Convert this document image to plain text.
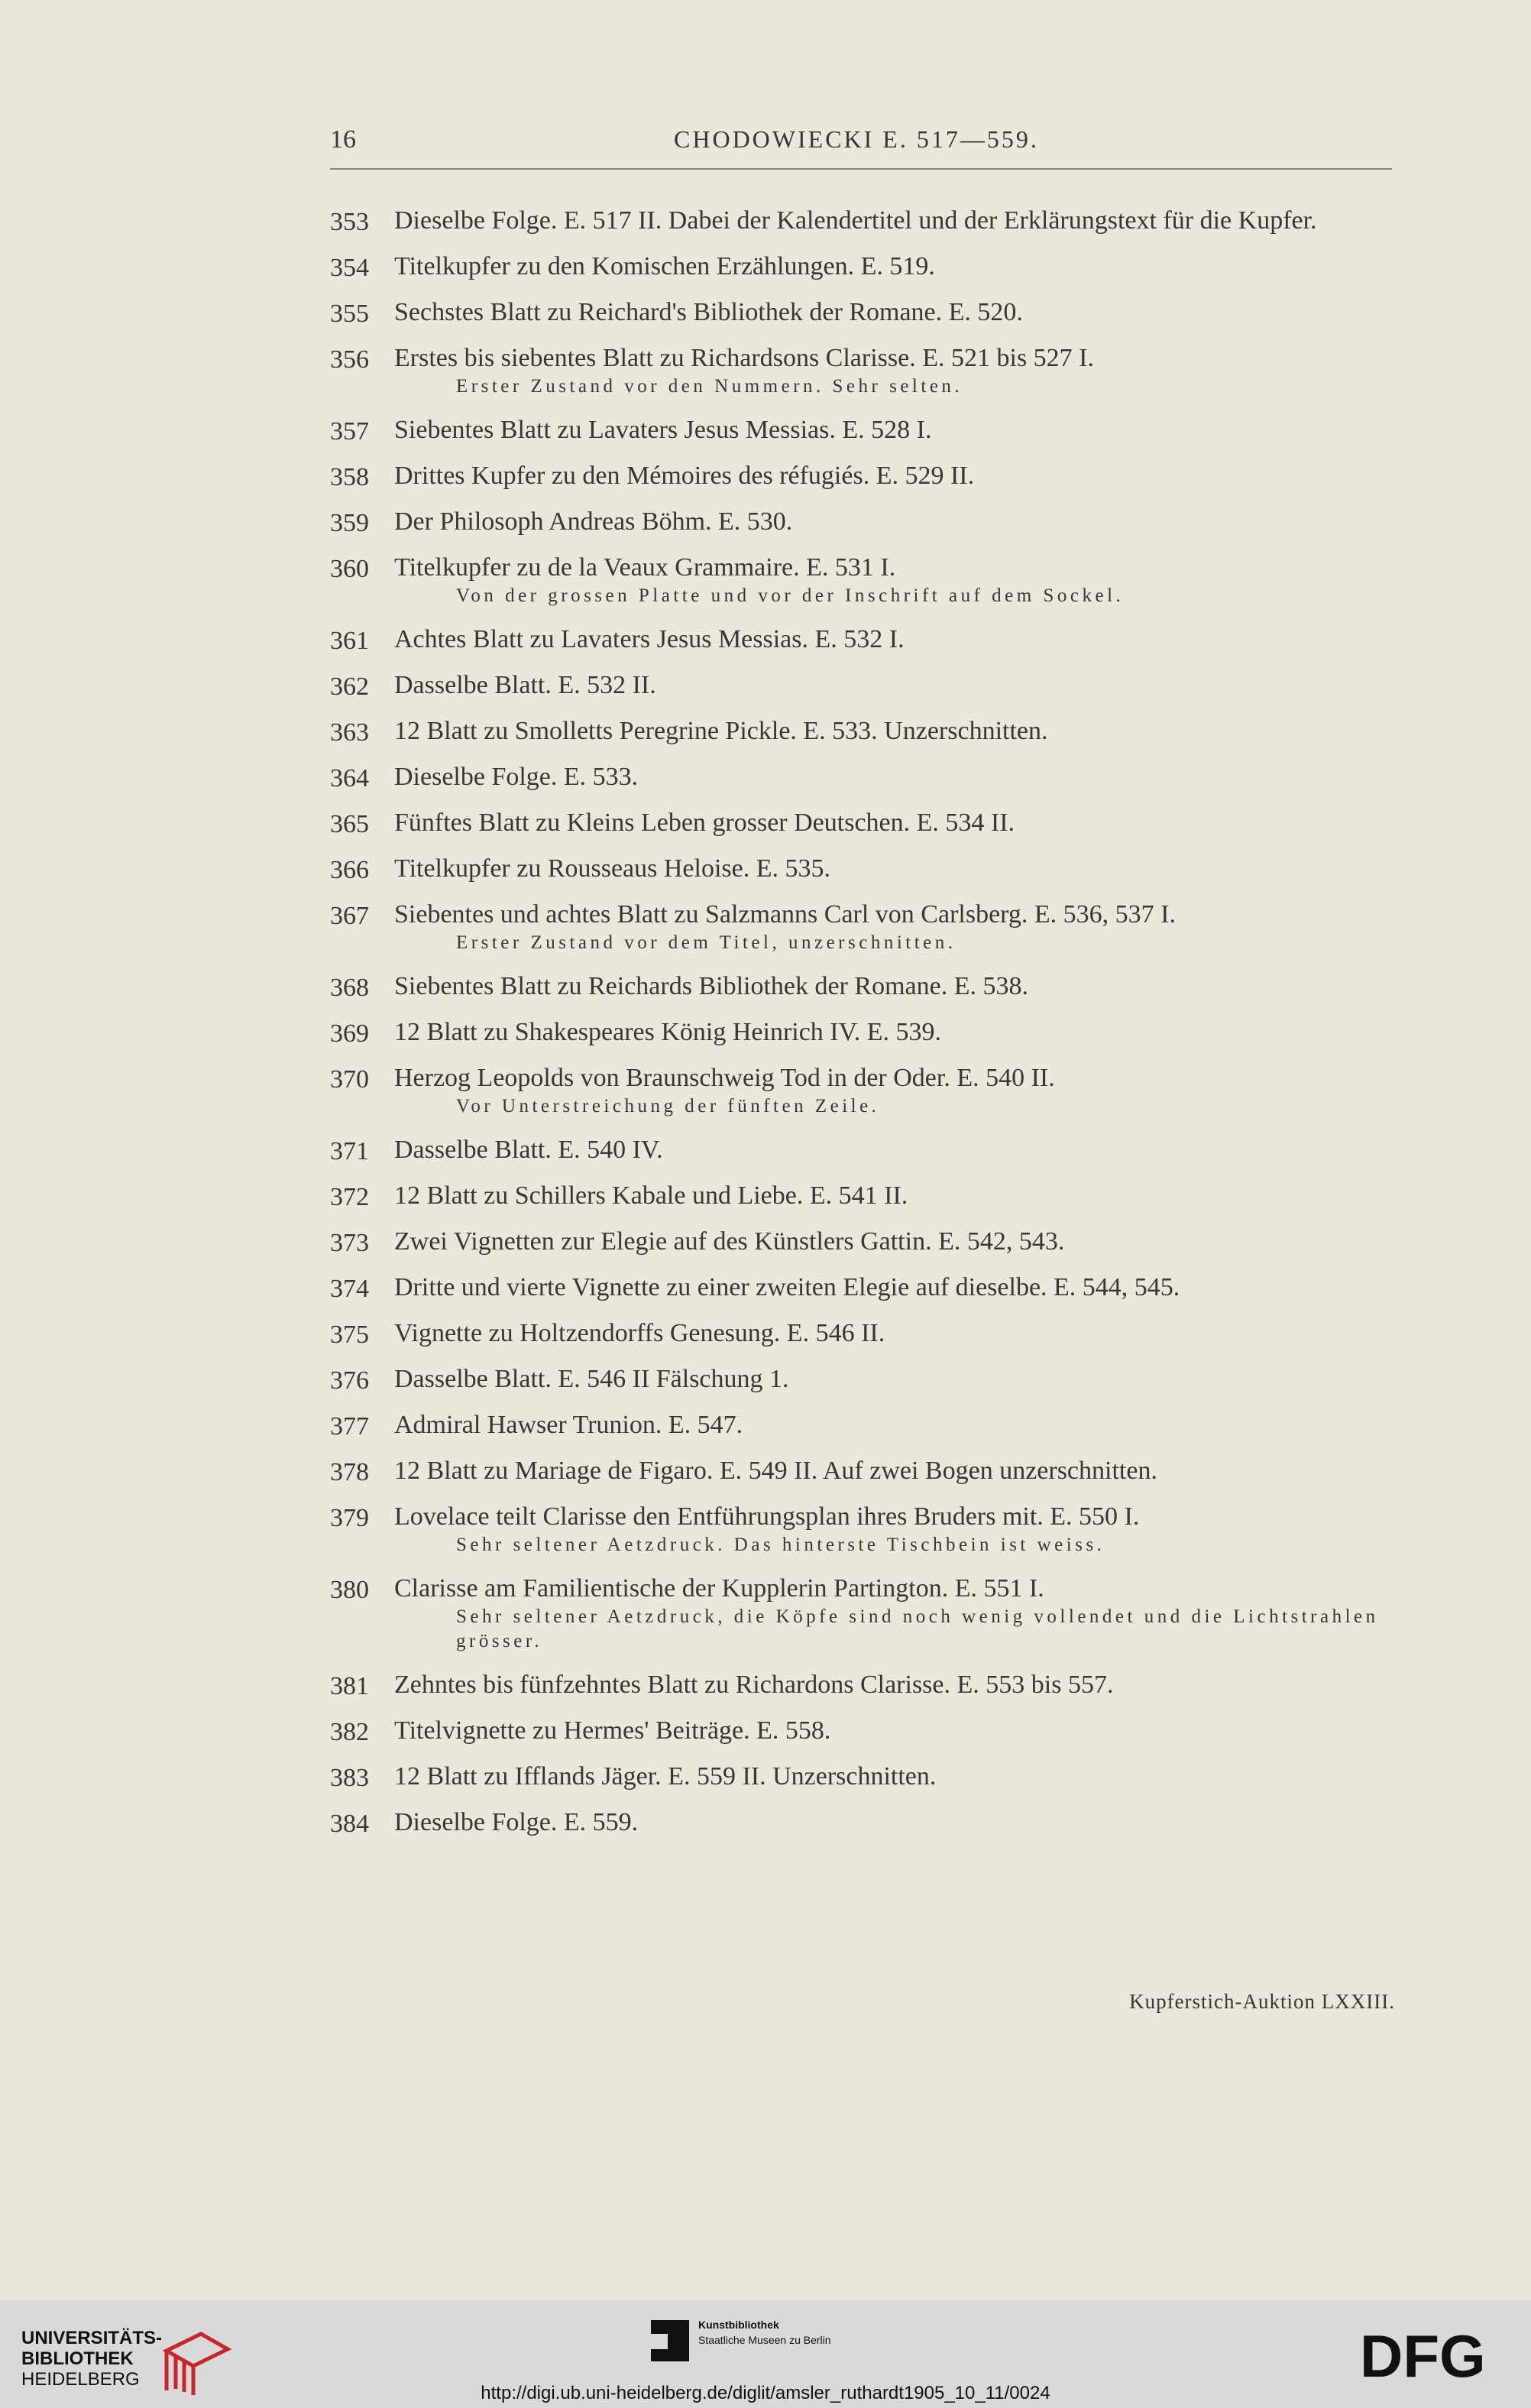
16	CHODOWIECKI E. 517—559.
353 Dieselbe Folge. E. 517 II. Dabei der Kalendertitel und der Erklärungstext für die Kupfer.
354 Titelkupfer zu den Komischen Erzählungen. E. 519.
355 Sechstes Blatt zu Reichard's Bibliothek der Romane. E. 520.
356 Erstes bis siebentes Blatt zu Richardsons Clarisse. E. 521 bis 527 I.
Erster Zustand vor den Nummern. Sehr selten.
357 Siebentes Blatt zu Lavaters Jesus Messias. E. 528 I.
358 Drittes Kupfer zu den Mémoires des réfugiés. E. 529 II.
359 Der Philosoph Andreas Böhm. E. 530.
360 Titelkupfer zu de la Veaux Grammaire. E. 531 I.
Von der grossen Platte und vor der Inschrift auf dem Sockel.
361 Achtes Blatt zu Lavaters Jesus Messias. E. 532 I.
362 Dasselbe Blatt. E. 532 II.
363 12 Blatt zu Smolletts Peregrine Pickle. E. 533. Unzerschnitten.
364 Dieselbe Folge. E. 533.
365 Fünftes Blatt zu Kleins Leben grosser Deutschen. E. 534 II.
366 Titelkupfer zu Rousseaus Heloise. E. 535.
367 Siebentes und achtes Blatt zu Salzmanns Carl von Carlsberg. E. 536, 537 I.
Erster Zustand vor dem Titel, unzerschnitten.
368 Siebentes Blatt zu Reichards Bibliothek der Romane. E. 538.
369 12 Blatt zu Shakespeares König Heinrich IV. E. 539.
370 Herzog Leopolds von Braunschweig Tod in der Oder. E. 540 II.
Vor Unterstreichung der fünften Zeile.
371 Dasselbe Blatt. E. 540 IV.
372 12 Blatt zu Schillers Kabale und Liebe. E. 541 II.
373 Zwei Vignetten zur Elegie auf des Künstlers Gattin. E. 542, 543.
374 Dritte und vierte Vignette zu einer zweiten Elegie auf dieselbe. E. 544, 545.
375 Vignette zu Holtzendorffs Genesung. E. 546 II.
376 Dasselbe Blatt. E. 546 II Fälschung 1.
377 Admiral Hawser Trunion. E. 547.
378 12 Blatt zu Mariage de Figaro. E. 549 II. Auf zwei Bogen unzerschnitten.
379 Lovelace teilt Clarisse den Entführungsplan ihres Bruders mit. E. 550 I.
Sehr seltener Aetzdruck. Das hinterste Tischbein ist weiss.
380 Clarisse am Familientische der Kupplerin Partington. E. 551 I.
Sehr seltener Aetzdruck, die Köpfe sind noch wenig vollendet und die Lichtstrahlen grösser.
381 Zehntes bis fünfzehntes Blatt zu Richardons Clarisse. E. 553 bis 557.
382 Titelvignette zu Hermes' Beiträge. E. 558.
383 12 Blatt zu Ifflands Jäger. E. 559 II. Unzerschnitten.
384 Dieselbe Folge. E. 559.
Kupferstich-Auktion LXXIII.
UNIVERSITÄTS-
BIBLIOTHEK
HEIDELBERG
Kunstbibliothek
Staatliche Museen zu Berlin	DFG
http://digi.ub.uni-heidelberg.de/diglit/amsler_ruthardt1905_10_11/0024
